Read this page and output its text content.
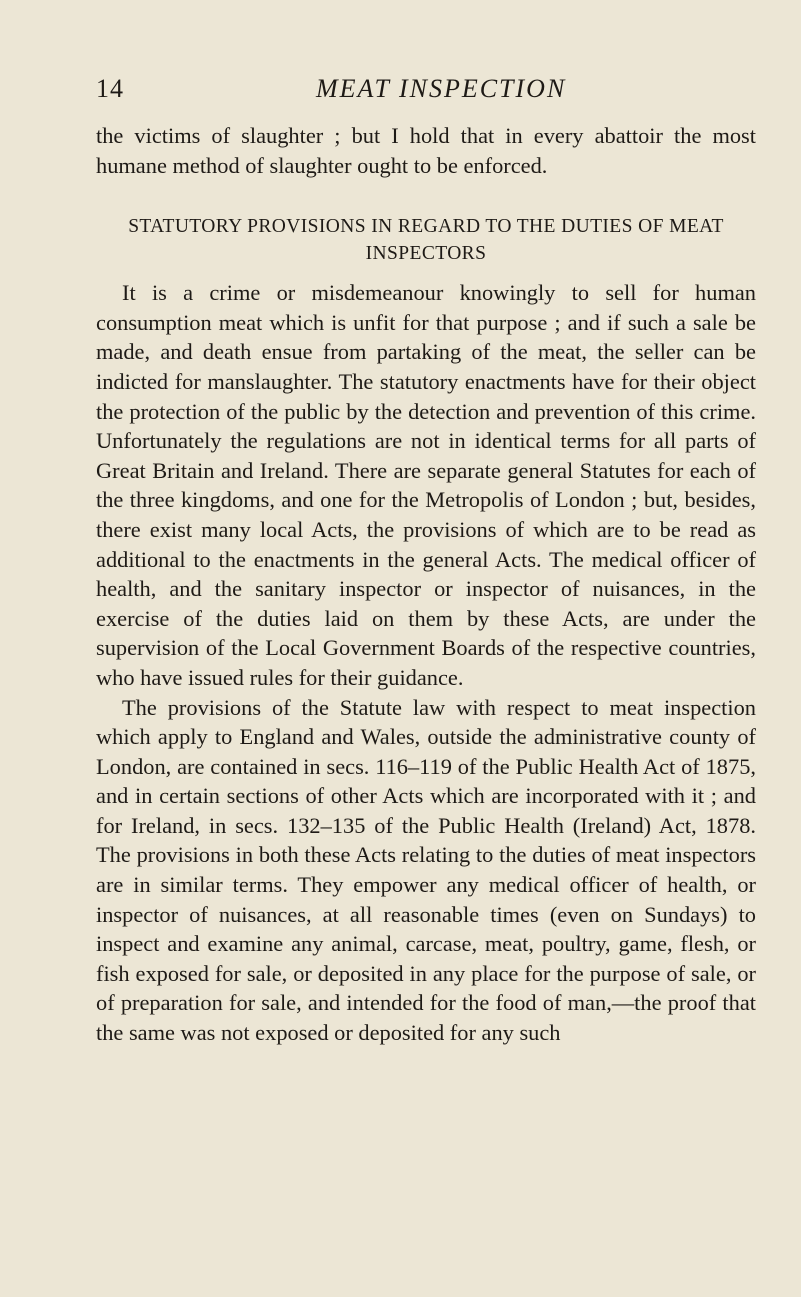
14	MEAT INSPECTION

the victims of slaughter ; but I hold that in every abattoir the most humane method of slaughter ought to be enforced.

STATUTORY PROVISIONS IN REGARD TO THE DUTIES OF MEAT INSPECTORS

It is a crime or misdemeanour knowingly to sell for human consumption meat which is unfit for that purpose ; and if such a sale be made, and death ensue from partaking of the meat, the seller can be indicted for manslaughter. The statutory enactments have for their object the protection of the public by the detection and prevention of this crime. Unfortunately the regulations are not in identical terms for all parts of Great Britain and Ireland. There are separate general Statutes for each of the three kingdoms, and one for the Metropolis of London ; but, besides, there exist many local Acts, the provisions of which are to be read as additional to the enactments in the general Acts. The medical officer of health, and the sanitary inspector or inspector of nuisances, in the exercise of the duties laid on them by these Acts, are under the supervision of the Local Government Boards of the respective countries, who have issued rules for their guidance.

The provisions of the Statute law with respect to meat inspection which apply to England and Wales, outside the administrative county of London, are contained in secs. 116–119 of the Public Health Act of 1875, and in certain sections of other Acts which are incorporated with it ; and for Ireland, in secs. 132–135 of the Public Health (Ireland) Act, 1878. The provisions in both these Acts relating to the duties of meat inspectors are in similar terms. They empower any medical officer of health, or inspector of nuisances, at all reasonable times (even on Sundays) to inspect and examine any animal, carcase, meat, poultry, game, flesh, or fish exposed for sale, or deposited in any place for the purpose of sale, or of preparation for sale, and intended for the food of man,—the proof that the same was not exposed or deposited for any such
